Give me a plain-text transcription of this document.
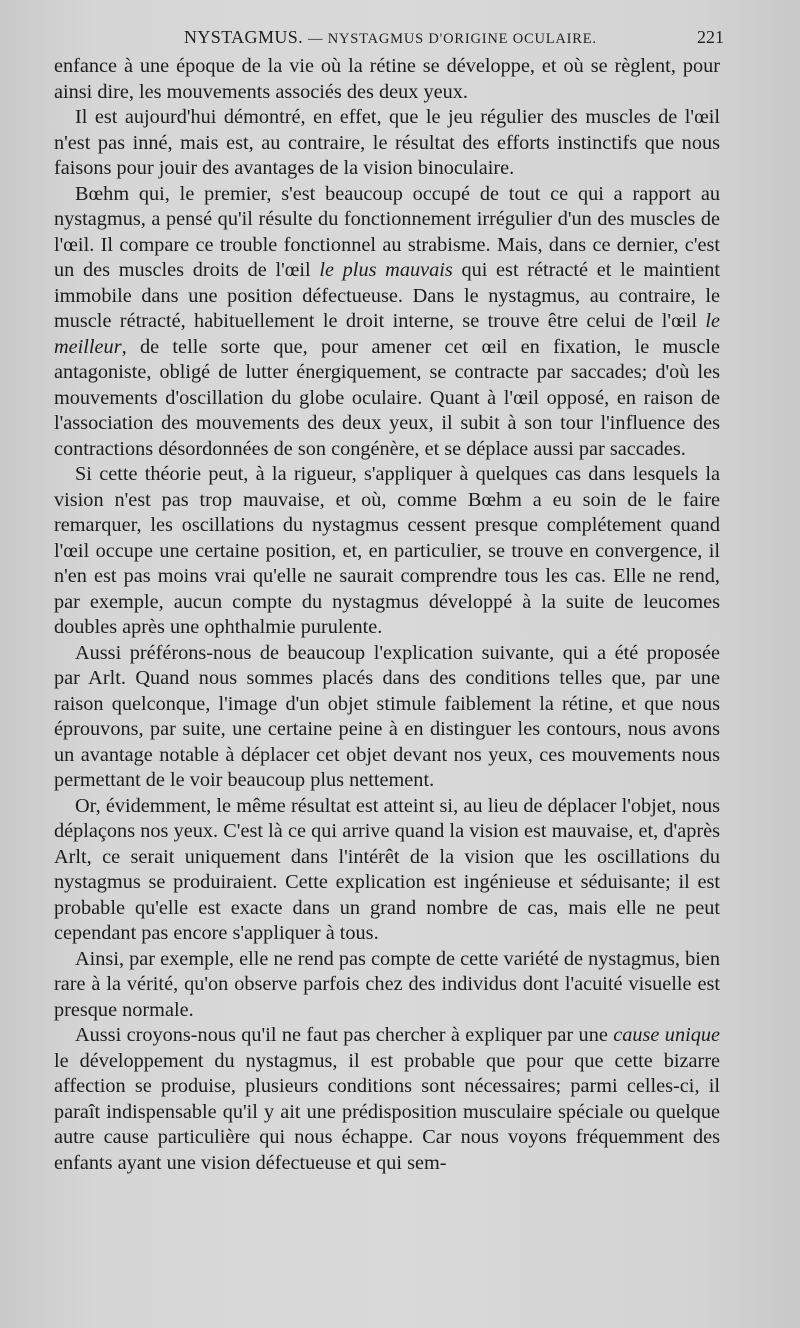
NYSTAGMUS. — NYSTAGMUS D'ORIGINE OCULAIRE.	221

enfance à une époque de la vie où la rétine se développe, et où se règlent, pour ainsi dire, les mouvements associés des deux yeux.

Il est aujourd'hui démontré, en effet, que le jeu régulier des muscles de l'œil n'est pas inné, mais est, au contraire, le résultat des efforts instinctifs que nous faisons pour jouir des avantages de la vision binoculaire.

Bœhm qui, le premier, s'est beaucoup occupé de tout ce qui a rapport au nystagmus, a pensé qu'il résulte du fonctionnement irrégulier d'un des muscles de l'œil. Il compare ce trouble fonctionnel au strabisme. Mais, dans ce dernier, c'est un des muscles droits de l'œil le plus mauvais qui est rétracté et le maintient immobile dans une position défectueuse. Dans le nystagmus, au contraire, le muscle rétracté, habituellement le droit interne, se trouve être celui de l'œil le meilleur, de telle sorte que, pour amener cet œil en fixation, le muscle antagoniste, obligé de lutter énergiquement, se contracte par saccades; d'où les mouvements d'oscillation du globe oculaire. Quant à l'œil opposé, en raison de l'association des mouvements des deux yeux, il subit à son tour l'influence des contractions désordonnées de son congénère, et se déplace aussi par saccades.

Si cette théorie peut, à la rigueur, s'appliquer à quelques cas dans lesquels la vision n'est pas trop mauvaise, et où, comme Bœhm a eu soin de le faire remarquer, les oscillations du nystagmus cessent presque complétement quand l'œil occupe une certaine position, et, en particulier, se trouve en convergence, il n'en est pas moins vrai qu'elle ne saurait comprendre tous les cas. Elle ne rend, par exemple, aucun compte du nystagmus développé à la suite de leucomes doubles après une ophthalmie purulente.

Aussi préférons-nous de beaucoup l'explication suivante, qui a été proposée par Arlt. Quand nous sommes placés dans des conditions telles que, par une raison quelconque, l'image d'un objet stimule faiblement la rétine, et que nous éprouvons, par suite, une certaine peine à en distinguer les contours, nous avons un avantage notable à déplacer cet objet devant nos yeux, ces mouvements nous permettant de le voir beaucoup plus nettement.

Or, évidemment, le même résultat est atteint si, au lieu de déplacer l'objet, nous déplaçons nos yeux. C'est là ce qui arrive quand la vision est mauvaise, et, d'après Arlt, ce serait uniquement dans l'intérêt de la vision que les oscillations du nystagmus se produiraient. Cette explication est ingénieuse et séduisante; il est probable qu'elle est exacte dans un grand nombre de cas, mais elle ne peut cependant pas encore s'appliquer à tous.

Ainsi, par exemple, elle ne rend pas compte de cette variété de nystagmus, bien rare à la vérité, qu'on observe parfois chez des individus dont l'acuité visuelle est presque normale.

Aussi croyons-nous qu'il ne faut pas chercher à expliquer par une cause unique le développement du nystagmus, il est probable que pour que cette bizarre affection se produise, plusieurs conditions sont nécessaires; parmi celles-ci, il paraît indispensable qu'il y ait une prédisposition musculaire spéciale ou quelque autre cause particulière qui nous échappe. Car nous voyons fréquemment des enfants ayant une vision défectueuse et qui sem-
